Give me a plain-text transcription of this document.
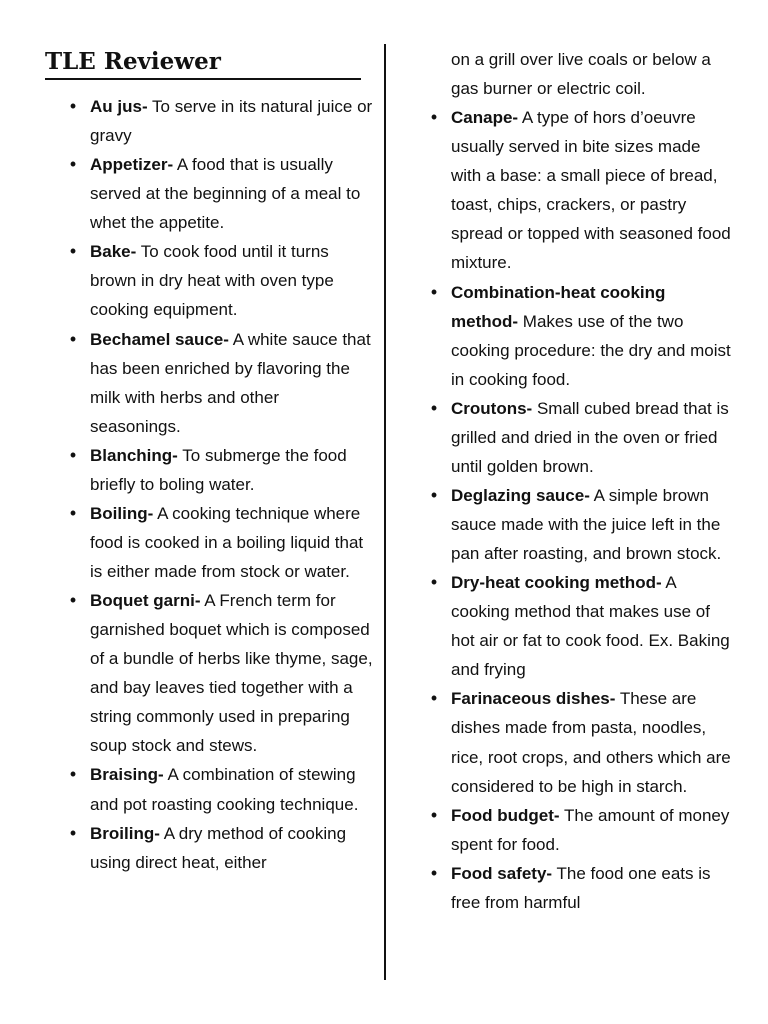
TLE Reviewer
• Au jus- To serve in its natural juice or gravy
• Appetizer- A food that is usually served at the beginning of a meal to whet the appetite.
• Bake- To cook food until it turns brown in dry heat with oven type cooking equipment.
• Bechamel sauce- A white sauce that has been enriched by flavoring the milk with herbs and other seasonings.
• Blanching- To submerge the food briefly to boling water.
• Boiling- A cooking technique where food is cooked in a boiling liquid that is either made from stock or water.
• Boquet garni- A French term for garnished boquet which is composed of a bundle of herbs like thyme, sage, and bay leaves tied together with a string commonly used in preparing soup stock and stews.
• Braising- A combination of stewing and pot roasting cooking technique.
• Broiling- A dry method of cooking using direct heat, either
on a grill over live coals or below a gas burner or electric coil.
• Canape- A type of hors d’oeuvre usually served in bite sizes made with a base: a small piece of bread, toast, chips, crackers, or pastry spread or topped with seasoned food mixture.
• Combination-heat cooking method- Makes use of the two cooking procedure: the dry and moist in cooking food.
• Croutons- Small cubed bread that is grilled and dried in the oven or fried until golden brown.
• Deglazing sauce- A simple brown sauce made with the juice left in the pan after roasting, and brown stock.
• Dry-heat cooking method- A cooking method that makes use of hot air or fat to cook food. Ex. Baking and frying
• Farinaceous dishes- These are dishes made from pasta, noodles, rice, root crops, and others which are considered to be high in starch.
• Food budget- The amount of money spent for food.
• Food safety- The food one eats is free from harmful
